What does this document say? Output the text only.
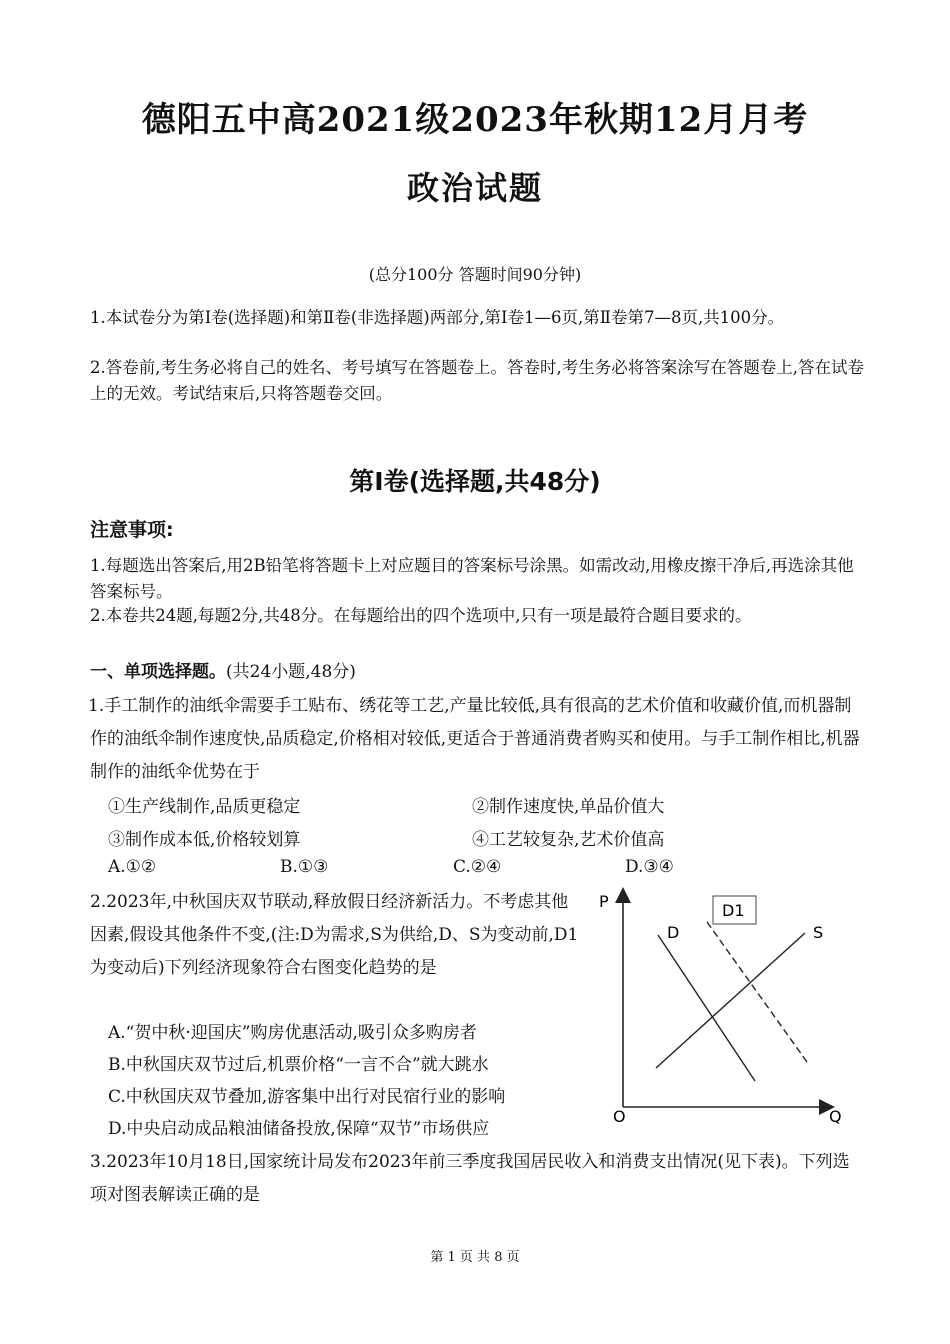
德阳五中高2021级2023年秋期12月月考
政治试题
(总分100分 答题时间90分钟)
1.本试卷分为第Ⅰ卷(选择题)和第Ⅱ卷(非选择题)两部分,第Ⅰ卷1—6页,第Ⅱ卷第7—8页,共100分。
2.答卷前,考生务必将自己的姓名、考号填写在答题卷上。答卷时,考生务必将答案涂写在答题卷上,答在试卷上的无效。考试结束后,只将答题卷交回。
第Ⅰ卷(选择题,共48分)
注意事项:
1.每题选出答案后,用2B铅笔将答题卡上对应题目的答案标号涂黑。如需改动,用橡皮擦干净后,再选涂其他答案标号。
2.本卷共24题,每题2分,共48分。在每题给出的四个选项中,只有一项是最符合题目要求的。
一、单项选择题。(共24小题,48分)
1.手工制作的油纸伞需要手工贴布、绣花等工艺,产量比较低,具有很高的艺术价值和收藏价值,而机器制作的油纸伞制作速度快,品质稳定,价格相对较低,更适合于普通消费者购买和使用。与手工制作相比,机器制作的油纸伞优势在于
①生产线制作,品质更稳定	②制作速度快,单品价值大
③制作成本低,价格较划算	④工艺较复杂,艺术价值高
A.①②	B.①③	C.②④	D.③④
2.2023年,中秋国庆双节联动,释放假日经济新活力。不考虑其他因素,假设其他条件不变,(注:D为需求,S为供给,D、S为变动前,D1为变动后)下列经济现象符合右图变化趋势的是
A.“贺中秋·迎国庆”购房优惠活动,吸引众多购房者
B.中秋国庆双节过后,机票价格“一言不合”就大跳水
C.中秋国庆双节叠加,游客集中出行对民宿行业的影响
D.中央启动成品粮油储备投放,保障“双节”市场供应
P
O	Q
D
D1
S
3.2023年10月18日,国家统计局发布2023年前三季度我国居民收入和消费支出情况(见下表)。下列选项对图表解读正确的是
第 1 页 共 8 页
